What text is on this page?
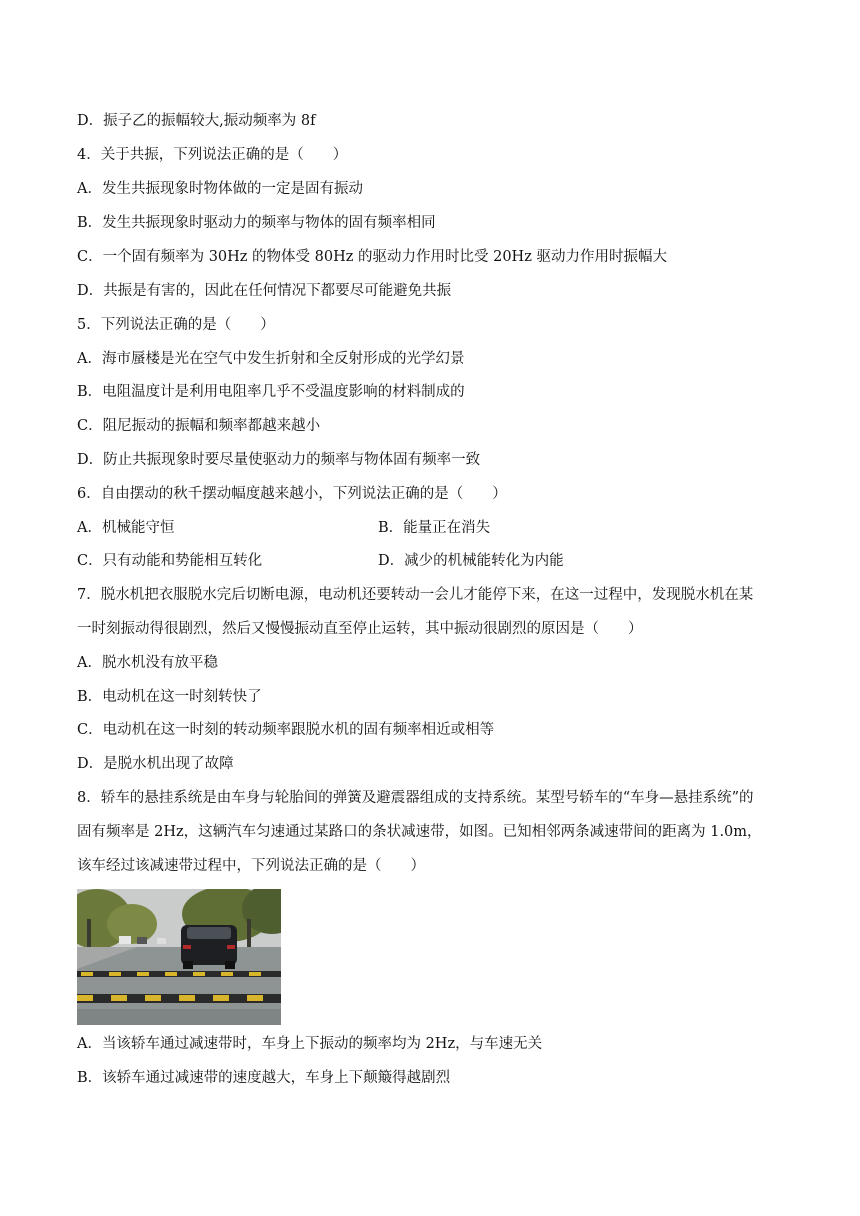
D．振子乙的振幅较大,振动频率为 8f
4．关于共振，下列说法正确的是（　　）
A．发生共振现象时物体做的一定是固有振动
B．发生共振现象时驱动力的频率与物体的固有频率相同
C．一个固有频率为 30Hz 的物体受 80Hz 的驱动力作用时比受 20Hz 驱动力作用时振幅大
D．共振是有害的，因此在任何情况下都要尽可能避免共振
5．下列说法正确的是（　　）
A．海市蜃楼是光在空气中发生折射和全反射形成的光学幻景
B．电阻温度计是利用电阻率几乎不受温度影响的材料制成的
C．阻尼振动的振幅和频率都越来越小
D．防止共振现象时要尽量使驱动力的频率与物体固有频率一致
6．自由摆动的秋千摆动幅度越来越小，下列说法正确的是（　　）
A．机械能守恒	B．能量正在消失
C．只有动能和势能相互转化	D．减少的机械能转化为内能
7．脱水机把衣服脱水完后切断电源，电动机还要转动一会儿才能停下来，在这一过程中，发现脱水机在某
一时刻振动得很剧烈，然后又慢慢振动直至停止运转，其中振动很剧烈的原因是（　　）
A．脱水机没有放平稳
B．电动机在这一时刻转快了
C．电动机在这一时刻的转动频率跟脱水机的固有频率相近或相等
D．是脱水机出现了故障
8．轿车的悬挂系统是由车身与轮胎间的弹簧及避震器组成的支持系统。某型号轿车的“车身—悬挂系统”的
固有频率是 2Hz，这辆汽车匀速通过某路口的条状减速带，如图。已知相邻两条减速带间的距离为 1.0m，
该车经过该减速带过程中，下列说法正确的是（　　）
A．当该轿车通过减速带时，车身上下振动的频率均为 2Hz，与车速无关
B．该轿车通过减速带的速度越大，车身上下颠簸得越剧烈
